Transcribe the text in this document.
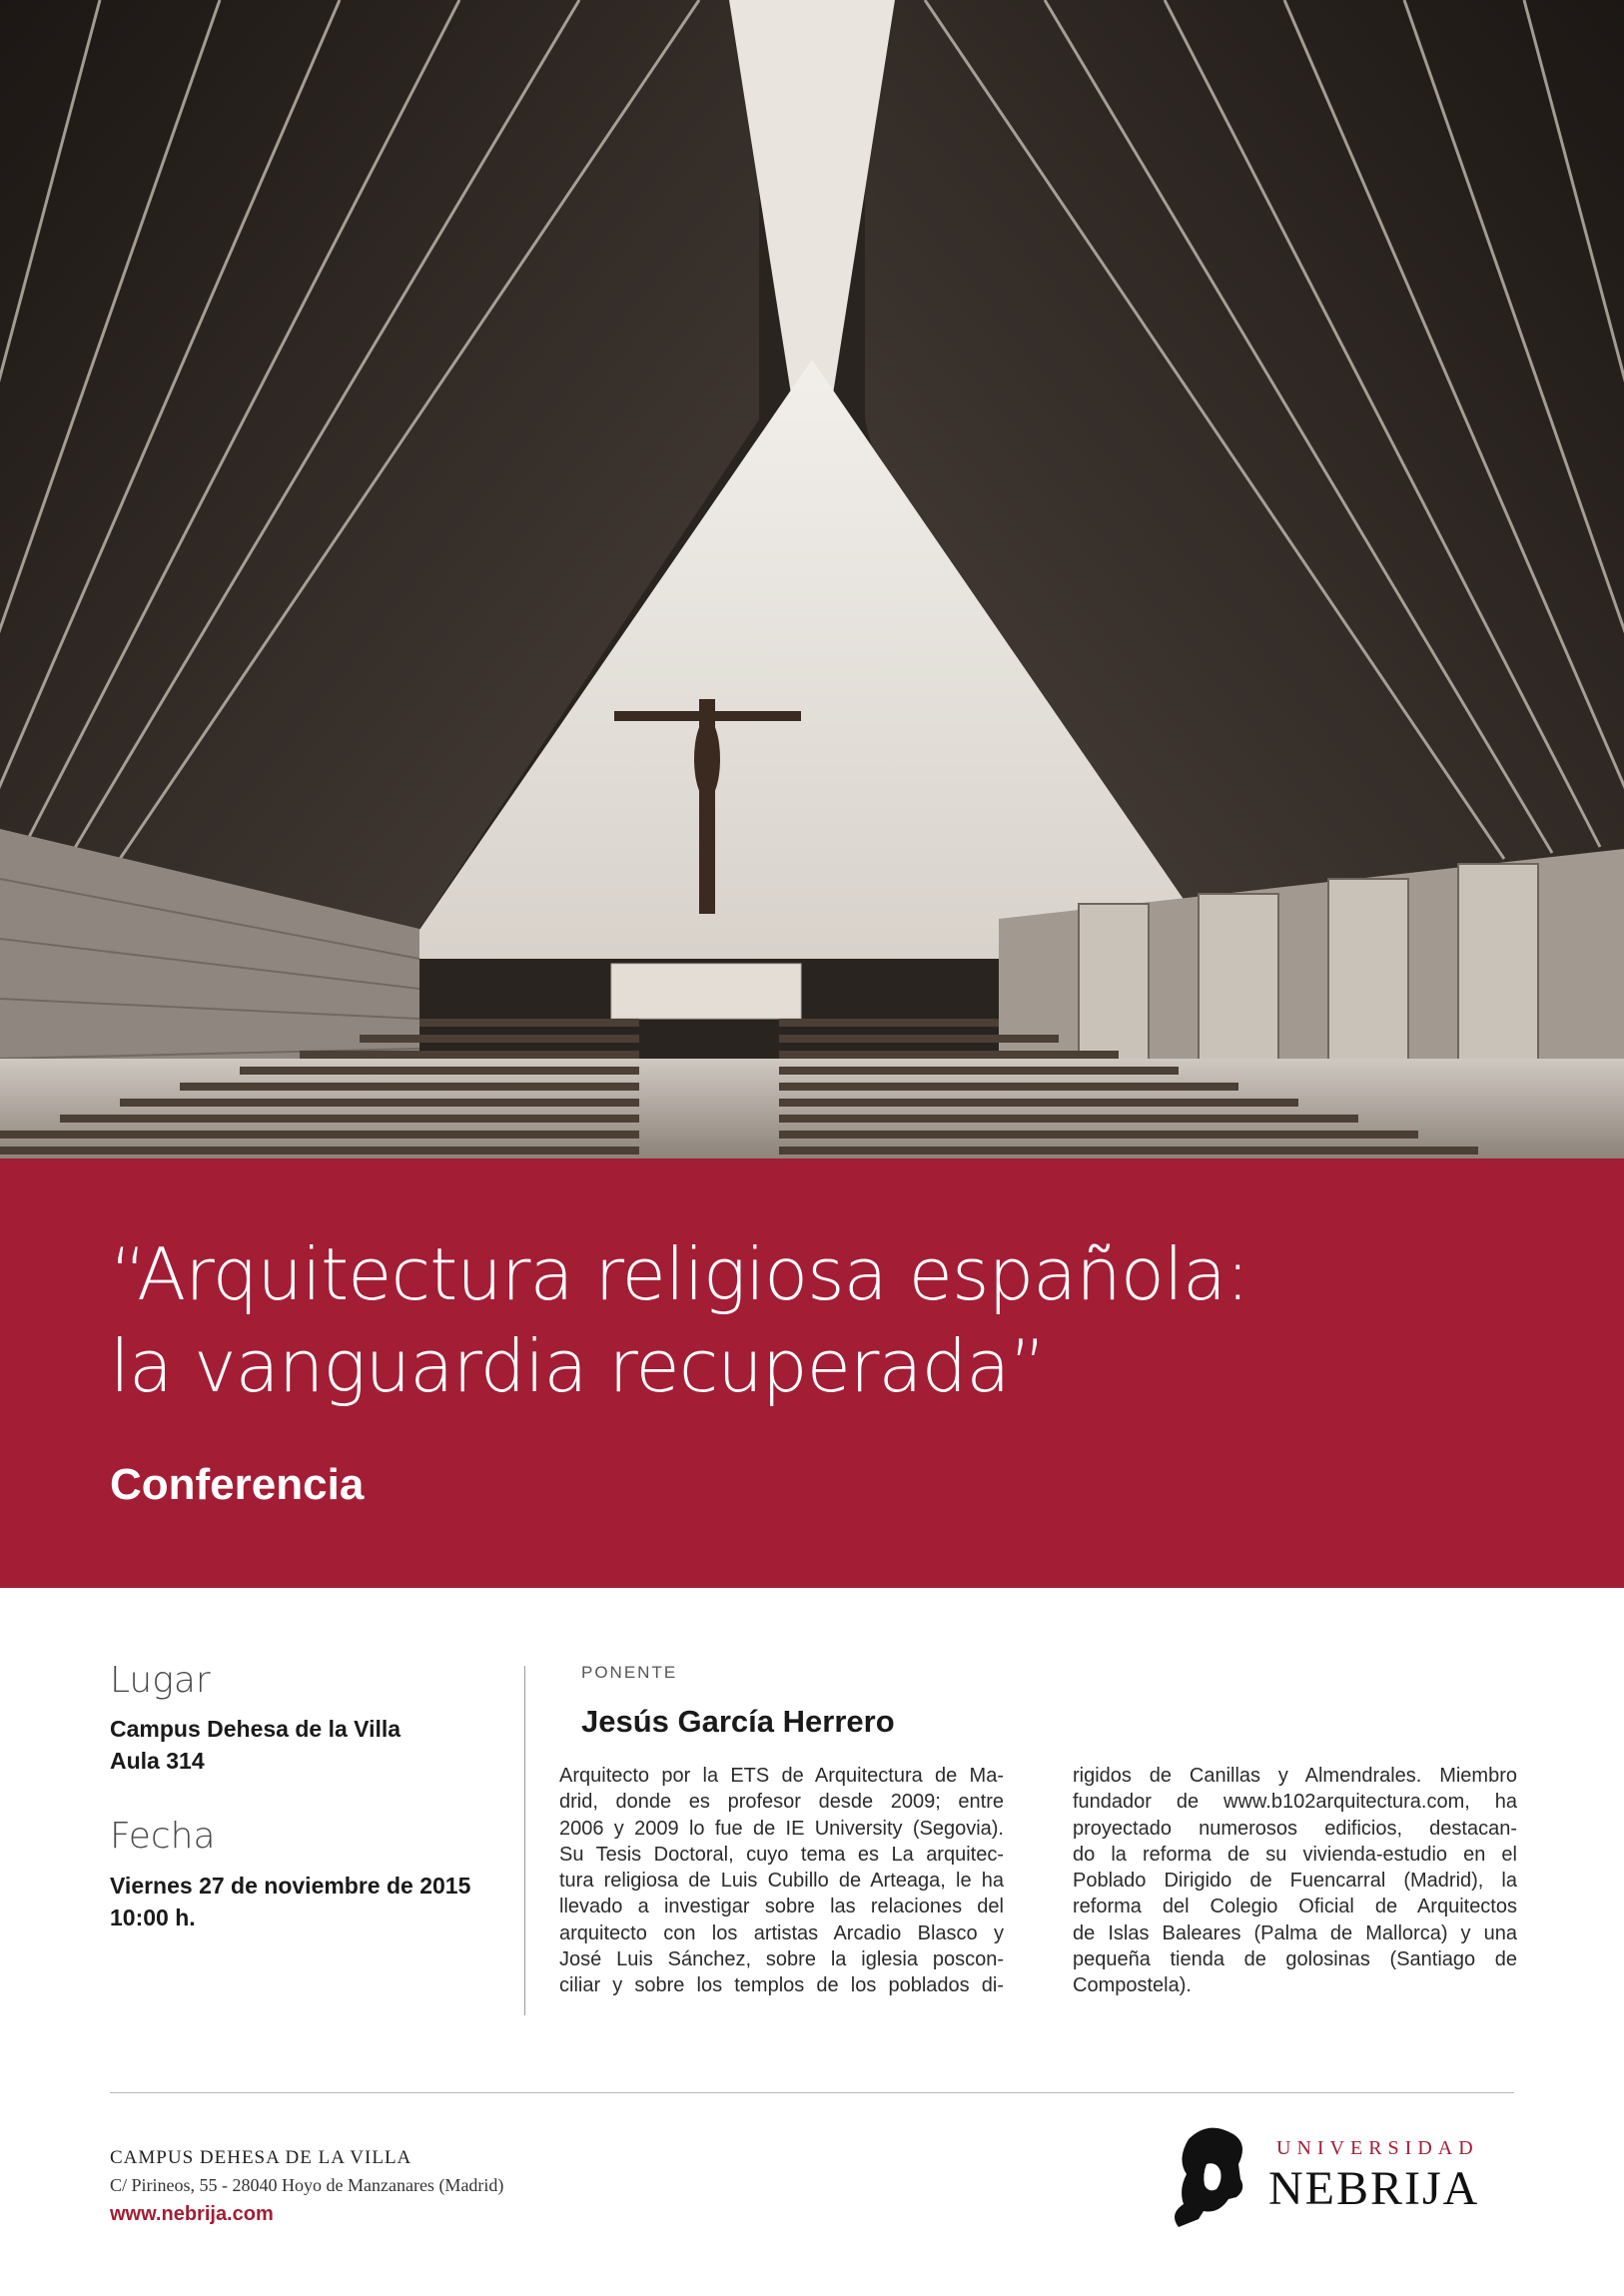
“Arquitectura religiosa española:
la vanguardia recuperada”
Conferencia
Lugar
Campus Dehesa de la Villa
Aula 314
Fecha
Viernes 27 de noviembre de 2015
10:00 h.
PONENTE
Jesús García Herrero

Arquitecto por la ETS de Arquitectura de Ma-
drid, donde es profesor desde 2009; entre
2006 y 2009 lo fue de IE University (Segovia).
Su Tesis Doctoral, cuyo tema es La arquitec-
tura religiosa de Luis Cubillo de Arteaga, le ha
llevado a investigar sobre las relaciones del
arquitecto con los artistas Arcadio Blasco y
José Luis Sánchez, sobre la iglesia poscon-
ciliar y sobre los templos de los poblados di-

rigidos de Canillas y Almendrales. Miembro
fundador de www.b102arquitectura.com, ha
proyectado numerosos edificios, destacan-
do la reforma de su vivienda-estudio en el
Poblado Dirigido de Fuencarral (Madrid), la
reforma del Colegio Oficial de Arquitectos
de Islas Baleares (Palma de Mallorca) y una
pequeña tienda de golosinas (Santiago de
Compostela).

CAMPUS DEHESA DE LA VILLA
C/ Pirineos, 55 - 28040 Hoyo de Manzanares (Madrid)
www.nebrija.com
UNIVERSIDAD
NEBRIJA
